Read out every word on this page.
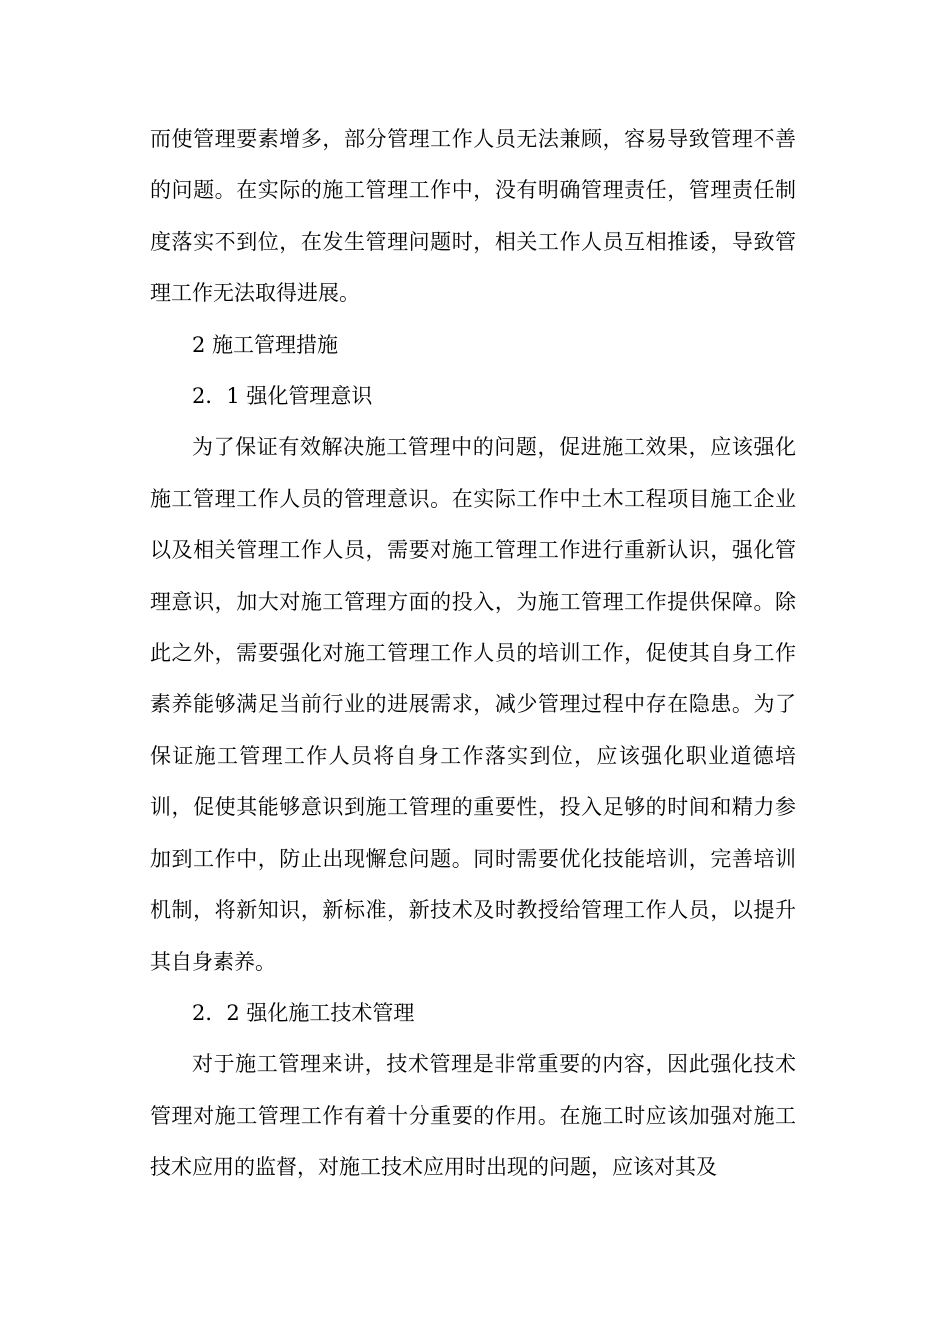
而使管理要素增多，部分管理工作人员无法兼顾，容易导致管理不善的问题。在实际的施工管理工作中，没有明确管理责任，管理责任制度落实不到位，在发生管理问题时，相关工作人员互相推诿，导致管理工作无法取得进展。

2 施工管理措施

2．1 强化管理意识

为了保证有效解决施工管理中的问题，促进施工效果，应该强化施工管理工作人员的管理意识。在实际工作中土木工程项目施工企业以及相关管理工作人员，需要对施工管理工作进行重新认识，强化管理意识，加大对施工管理方面的投入，为施工管理工作提供保障。除此之外，需要强化对施工管理工作人员的培训工作，促使其自身工作素养能够满足当前行业的进展需求，减少管理过程中存在隐患。为了保证施工管理工作人员将自身工作落实到位，应该强化职业道德培训，促使其能够意识到施工管理的重要性，投入足够的时间和精力参加到工作中，防止出现懈怠问题。同时需要优化技能培训，完善培训机制，将新知识，新标准，新技术及时教授给管理工作人员，以提升其自身素养。

2．2 强化施工技术管理

对于施工管理来讲，技术管理是非常重要的内容，因此强化技术管理对施工管理工作有着十分重要的作用。在施工时应该加强对施工技术应用的监督，对施工技术应用时出现的问题，应该对其及
